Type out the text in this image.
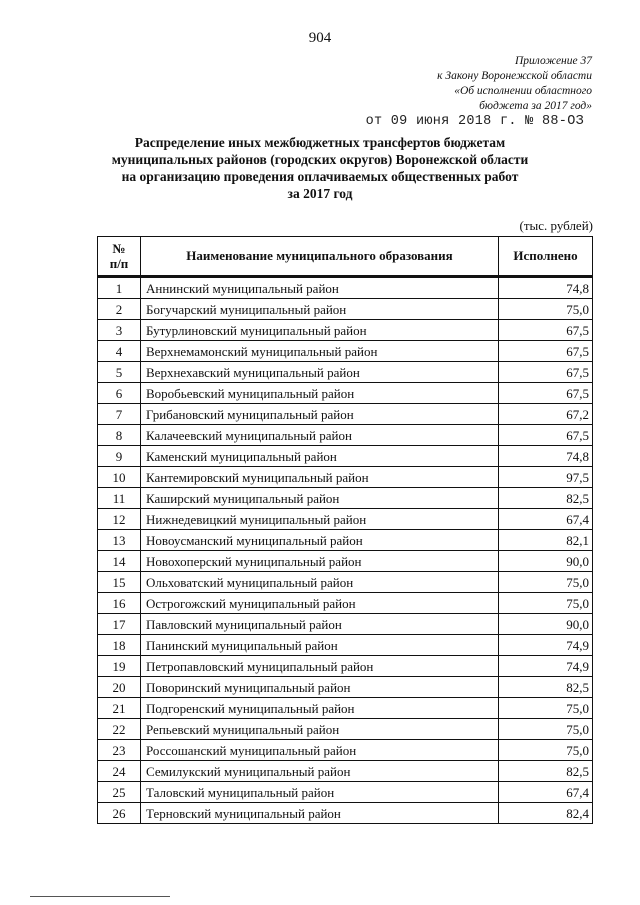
904
Приложение 37
к Закону Воронежской области
«Об исполнении областного
бюджета за 2017 год»
от 09 июня 2018 г. № 88-ОЗ
Распределение иных межбюджетных трансфертов бюджетам
муниципальных районов (городских округов) Воронежской области
на организацию проведения оплачиваемых общественных работ
за 2017 год
(тыс. рублей)
№
п/п	Наименование муниципального образования	Исполнено
1	Аннинский муниципальный район	74,8
2	Богучарский муниципальный район	75,0
3	Бутурлиновский муниципальный район	67,5
4	Верхнемамонский муниципальный район	67,5
5	Верхнехавский муниципальный район	67,5
6	Воробьевский муниципальный район	67,5
7	Грибановский муниципальный район	67,2
8	Калачеевский муниципальный район	67,5
9	Каменский муниципальный район	74,8
10	Кантемировский муниципальный район	97,5
11	Каширский муниципальный район	82,5
12	Нижнедевицкий муниципальный район	67,4
13	Новоусманский муниципальный район	82,1
14	Новохоперский муниципальный район	90,0
15	Ольховатский муниципальный район	75,0
16	Острогожский муниципальный район	75,0
17	Павловский муниципальный район	90,0
18	Панинский муниципальный район	74,9
19	Петропавловский муниципальный район	74,9
20	Поворинский муниципальный район	82,5
21	Подгоренский муниципальный район	75,0
22	Репьевский муниципальный район	75,0
23	Россошанский муниципальный район	75,0
24	Семилукский муниципальный район	82,5
25	Таловский муниципальный район	67,4
26	Терновский муниципальный район	82,4
